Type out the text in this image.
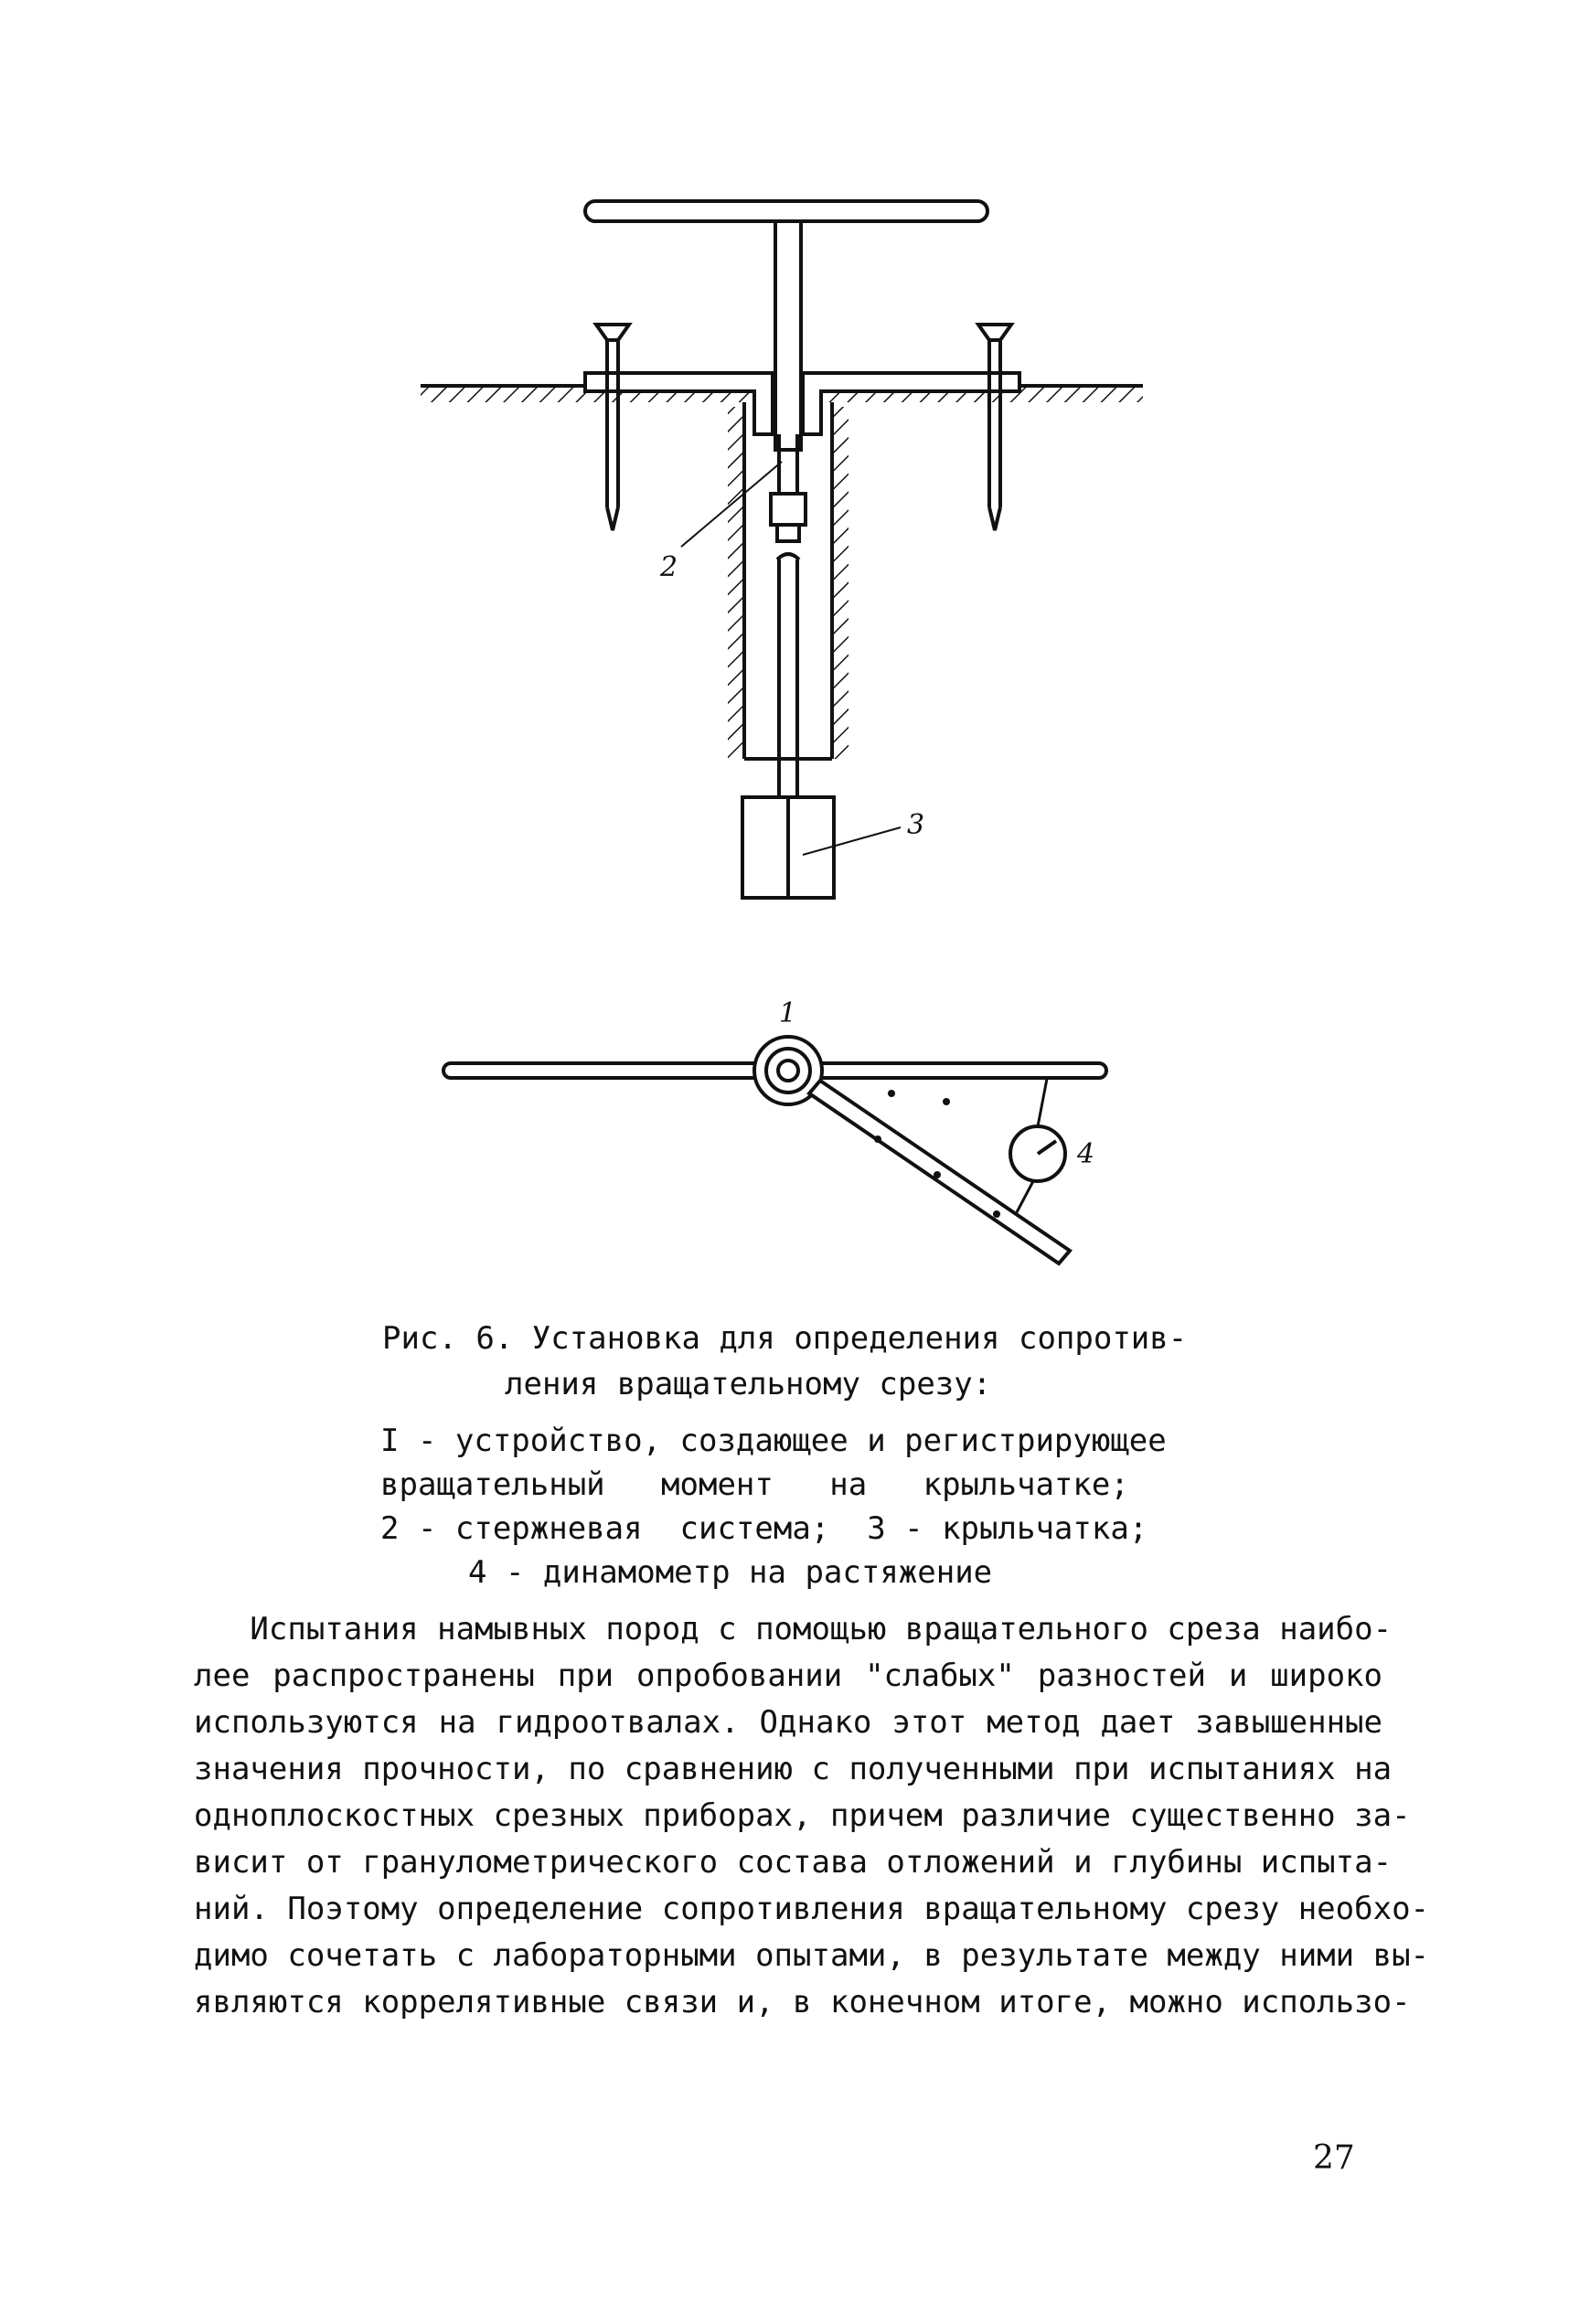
2
3
1
4
Рис. 6. Установка для определения сопротив-
ления вращательному срезу:
I - устройство, создающее и регистрирующее
вращательный   момент   на   крыльчатке;
2 - стержневая  система;  3 - крыльчатка;
4 - динамометр на растяжение
Испытания намывных пород с помощью вращательного среза наибо-
лее распространены при опробовании "слабых" разностей и широко
используются на гидроотвалах. Однако этот метод дает завышенные
значения прочности, по сравнению с полученными при испытаниях на
одноплоскостных срезных приборах, причем различие существенно за-
висит от гранулометрического состава отложений и глубины испыта-
ний. Поэтому определение сопротивления вращательному срезу необхо-
димо сочетать с лабораторными опытами, в результате между ними вы-
являются коррелятивные связи и, в конечном итоге, можно использо-
27
